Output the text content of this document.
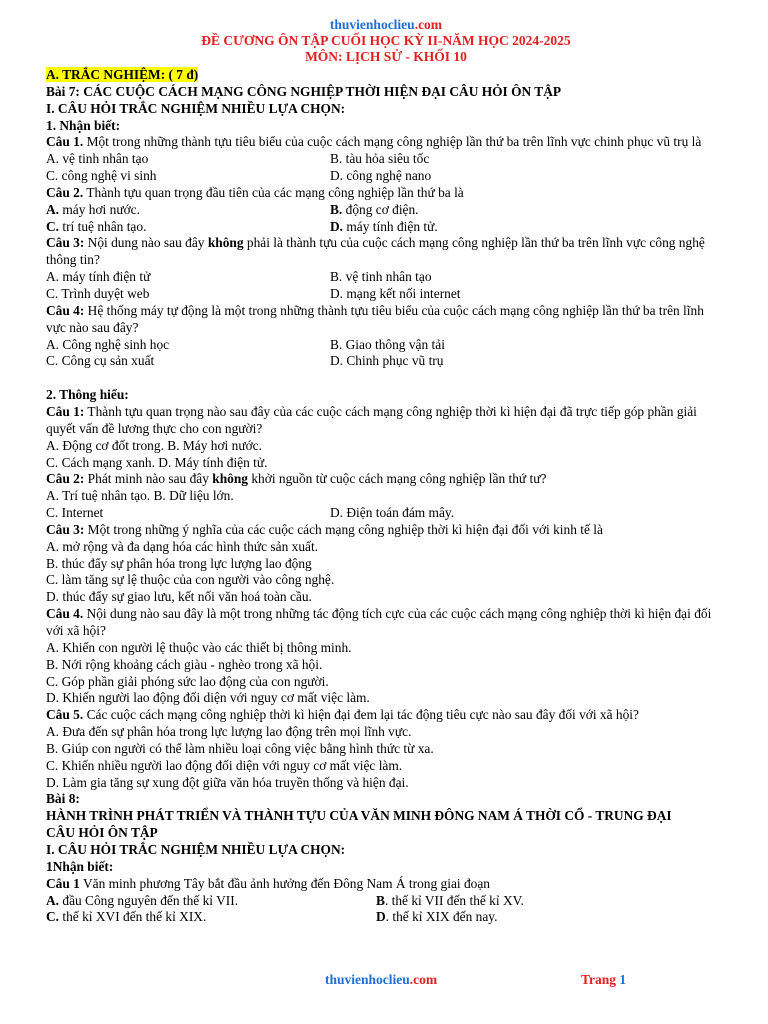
thuvienhoclieu.com
ĐỀ CƯƠNG ÔN TẬP CUỐI HỌC KỲ II-NĂM HỌC 2024-2025
MÔN: LỊCH SỬ - KHỐI 10
A. TRẮC NGHIỆM: ( 7 đ)
Bài 7: CÁC CUỘC CÁCH MẠNG CÔNG NGHIỆP THỜI HIỆN ĐẠI CÂU HỎI ÔN TẬP
I. CÂU HỎI TRẮC NGHIỆM NHIỀU LỰA CHỌN:
1. Nhận biết:
Câu 1. Một trong những thành tựu tiêu biểu của cuộc cách mạng công nghiệp lần thứ ba trên lĩnh vực chinh phục vũ trụ là
A. vệ tinh nhân tạo	B. tàu hỏa siêu tốc
C. công nghệ vi sinh	D. công nghệ nano
Câu 2. Thành tựu quan trọng đầu tiên của các mạng công nghiệp lần thứ ba là
A. máy hơi nước.	B. động cơ điện.
C. trí tuệ nhân tạo.	D. máy tính điện tử.
Câu 3: Nội dung nào sau đây không phải là thành tựu của cuộc cách mạng công nghiệp lần thứ ba trên lĩnh vực công nghệ thông tin?
A. máy tính điện tử	B. vệ tinh nhân tạo
C. Trình duyệt web	D. mạng kết nối internet
Câu 4: Hệ thống máy tự động là một trong những thành tựu tiêu biểu của cuộc cách mạng công nghiệp lần thứ ba trên lĩnh vực nào sau đây?
A. Công nghệ sinh học	B. Giao thông vận tải
C. Công cụ sản xuất	D. Chinh phục vũ trụ
2. Thông hiểu:
Câu 1: Thành tựu quan trọng nào sau đây của các cuộc cách mạng công nghiệp thời kì hiện đại đã trực tiếp góp phần giải quyết vấn đề lương thực cho con người?
A. Động cơ đốt trong. B. Máy hơi nước.
C. Cách mạng xanh. D. Máy tính điện tử.
Câu 2: Phát minh nào sau đây không khởi nguồn từ cuộc cách mạng công nghiệp lần thứ tư?
A. Trí tuệ nhân tạo. B. Dữ liệu lớn.
C. Internet	D. Điện toán đám mây.
Câu 3: Một trong những ý nghĩa của các cuộc cách mạng công nghiệp thời kì hiện đại đối với kinh tế là
A. mở rộng và đa dạng hóa các hình thức sản xuất.
B. thúc đẩy sự phân hóa trong lực lượng lao động
C. làm tăng sự lệ thuộc của con người vào công nghệ.
D. thúc đẩy sự giao lưu, kết nối văn hoá toàn cầu.
Câu 4. Nội dung nào sau đây là một trong những tác động tích cực của các cuộc cách mạng công nghiệp thời kì hiện đại đối với xã hội?
A. Khiến con người lệ thuộc vào các thiết bị thông minh.
B. Nới rộng khoảng cách giàu - nghèo trong xã hội.
C. Góp phần giải phóng sức lao động của con người.
D. Khiến người lao động đối diện với nguy cơ mất việc làm.
Câu 5. Các cuộc cách mạng công nghiệp thời kì hiện đại đem lại tác động tiêu cực nào sau đây đối với xã hội?
A. Đưa đến sự phân hóa trong lực lượng lao động trên mọi lĩnh vực.
B. Giúp con người có thể làm nhiều loại công việc bằng hình thức từ xa.
C. Khiến nhiều người lao động đối diện với nguy cơ mất việc làm.
D. Làm gia tăng sự xung đột giữa văn hóa truyền thống và hiện đại.
Bài 8:
HÀNH TRÌNH PHÁT TRIỂN VÀ THÀNH TỰU CỦA VĂN MINH ĐÔNG NAM Á THỜI CỔ - TRUNG ĐẠI
CÂU HỎI ÔN TẬP
I. CÂU HỎI TRẮC NGHIỆM NHIỀU LỰA CHỌN:
1Nhận biết:
Câu 1 Văn minh phương Tây bắt đầu ảnh hưởng đến Đông Nam Á trong giai đoạn
A. đầu Công nguyên đến thế kỉ VII.	B. thế kỉ VII đến thế kỉ XV.
C. thế kỉ XVI đến thế kỉ XIX.	D. thế kỉ XIX đến nay.
thuvienhoclieu.com	Trang 1
